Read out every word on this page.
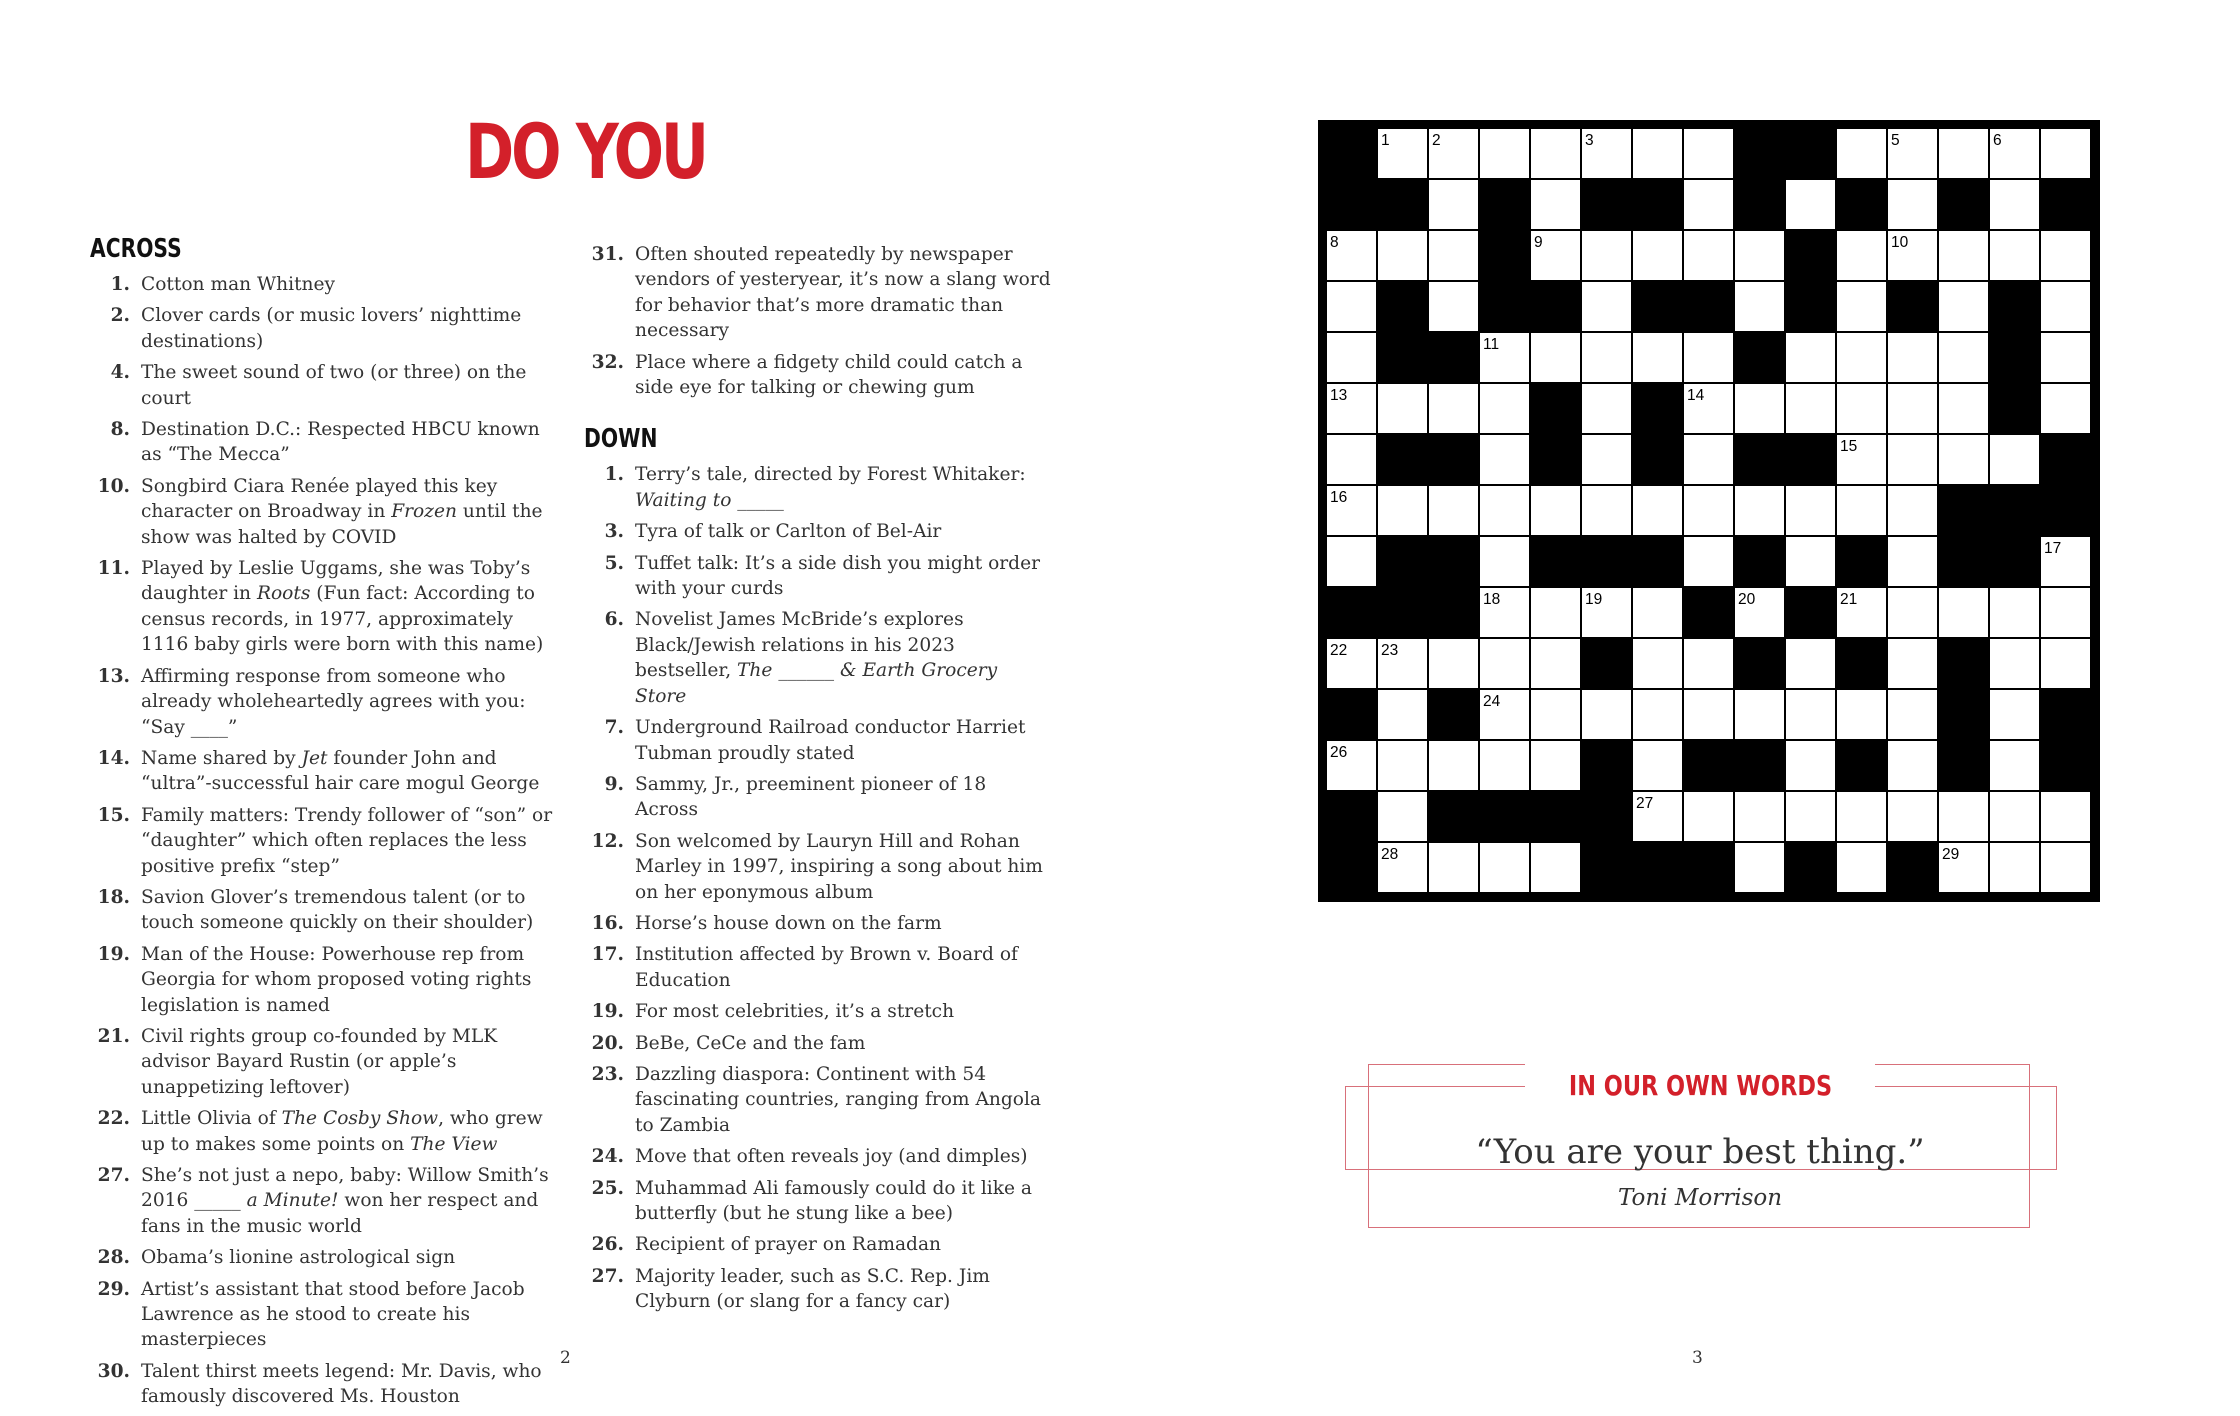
DO YOU
ACROSS
1. Cotton man Whitney
2. Clover cards (or music lovers’ nighttime destinations)
4. The sweet sound of two (or three) on the court
8. Destination D.C.: Respected HBCU known as “The Mecca”
10. Songbird Ciara Renée played this key character on Broadway in Frozen until the show was halted by COVID
11. Played by Leslie Uggams, she was Toby’s daughter in Roots (Fun fact: According to census records, in 1977, approximately 1116 baby girls were born with this name)
13. Affirming response from someone who already wholeheartedly agrees with you: “Say ____”
14. Name shared by Jet founder John and “ultra”-successful hair care mogul George
15. Family matters: Trendy follower of “son” or “daughter” which often replaces the less positive prefix “step”
18. Savion Glover’s tremendous talent (or to touch someone quickly on their shoulder)
19. Man of the House: Powerhouse rep from Georgia for whom proposed voting rights legislation is named
21. Civil rights group co-founded by MLK advisor Bayard Rustin (or apple’s unappetizing leftover)
22. Little Olivia of The Cosby Show, who grew up to makes some points on The View
27. She’s not just a nepo, baby: Willow Smith’s 2016 _____ a Minute! won her respect and fans in the music world
28. Obama’s lionine astrological sign
29. Artist’s assistant that stood before Jacob Lawrence as he stood to create his masterpieces
30. Talent thirst meets legend: Mr. Davis, who famously discovered Ms. Houston
31. Often shouted repeatedly by newspaper vendors of yesteryear, it’s now a slang word for behavior that’s more dramatic than necessary
32. Place where a fidgety child could catch a side eye for talking or chewing gum
DOWN
1. Terry’s tale, directed by Forest Whitaker: Waiting to _____
3. Tyra of talk or Carlton of Bel-Air
5. Tuffet talk: It’s a side dish you might order with your curds
6. Novelist James McBride’s explores Black/Jewish relations in his 2023 bestseller, The ______ & Earth Grocery Store
7. Underground Railroad conductor Harriet Tubman proudly stated
9. Sammy, Jr., preeminent pioneer of 18 Across
12. Son welcomed by Lauryn Hill and Rohan Marley in 1997, inspiring a song about him on her eponymous album
16. Horse’s house down on the farm
17. Institution affected by Brown v. Board of Education
19. For most celebrities, it’s a stretch
20. BeBe, CeCe and the fam
23. Dazzling diaspora: Continent with 54 fascinating countries, ranging from Angola to Zambia
24. Move that often reveals joy (and dimples)
25. Muhammad Ali famously could do it like a butterfly (but he stung like a bee)
26. Recipient of prayer on Ramadan
27. Majority leader, such as S.C. Rep. Jim Clyburn (or slang for a fancy car)
1	2	3	4	5	6
7
8	9	10
11	12
13	14
15
16
17
18	19	20	21
22 23
24	25
26
27
28	29
IN OUR OWN WORDS
“You are your best thing.”
Toni Morrison
2	3
